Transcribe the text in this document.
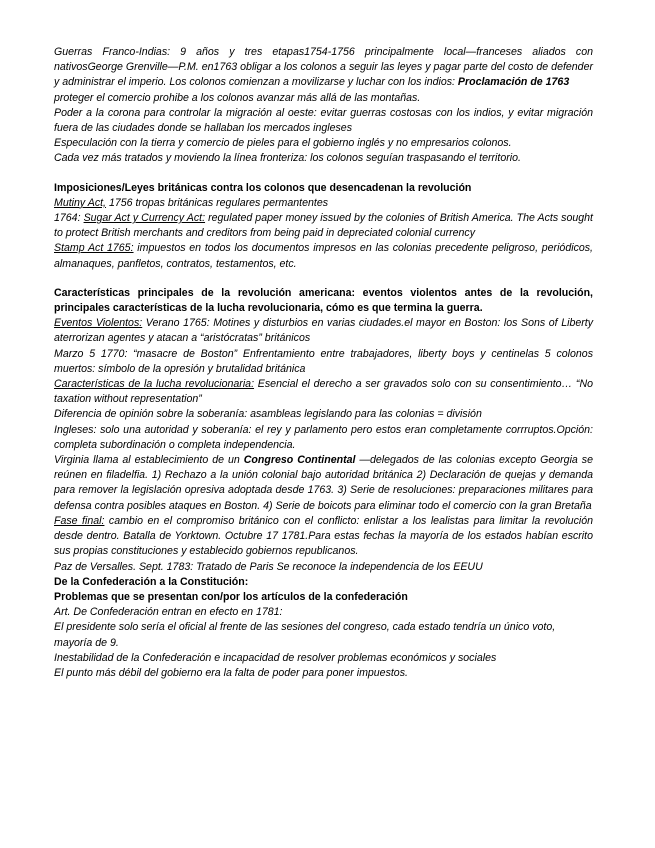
Guerras Franco-Indias: 9 años y tres etapas1754-1756 principalmente local—franceses aliados con nativosGeorge Grenville—P.M. en1763 obligar a los colonos a seguir las leyes y pagar parte del costo de defender y administrar el imperio. Los colonos comienzan a movilizarse y luchar con los indios: Proclamación de 1763

proteger el comercio prohibe a los colonos avanzar más allá de las montañas.

Poder a la corona para controlar la migración al oeste: evitar guerras costosas con los indios, y evitar migración fuera de las ciudades donde se hallaban los mercados ingleses

Especulación con la tierra y comercio de pieles para el gobierno inglés y no empresarios colonos.

Cada vez más tratados y moviendo la línea fronteriza: los colonos seguían traspasando el territorio.

Imposiciones/Leyes británicas contra los colonos que desencadenan la revolución

Mutiny Act, 1756 tropas británicas regulares permantentes

1764: Sugar Act y Currency Act: regulated paper money issued by the colonies of British America. The Acts sought to protect British merchants and creditors from being paid in depreciated colonial currency

Stamp Act 1765: impuestos en todos los documentos impresos en las colonias precedente peligroso, periódicos, almanaques, panfletos, contratos, testamentos, etc.

Características principales de la revolución americana: eventos violentos antes de la revolución, principales características de la lucha revolucionaria, cómo es que termina la guerra.

Eventos Violentos: Verano 1765: Motines y disturbios en varias ciudades.el mayor en Boston: los Sons of Liberty aterrorizan agentes y atacan a “aristócratas” británicos

Marzo 5 1770: “masacre de Boston” Enfrentamiento entre trabajadores, liberty boys y centinelas 5 colonos muertos: símbolo de la opresión y brutalidad británica

Características de la lucha revolucionaria: Esencial el derecho a ser gravados solo con su consentimiento… “No taxation without representation”

Diferencia de opinión sobre la soberanía: asambleas legislando para las colonias = división

Ingleses: solo una autoridad y soberanía: el rey y parlamento pero estos eran completamente corrruptos.Opción: completa subordinación o completa independencia.

Virginia llama al establecimiento de un Congreso Continental —delegados de las colonias excepto Georgia se reúnen en filadelfia. 1) Rechazo a la unión colonial bajo autoridad británica 2) Declaración de quejas y demanda para remover la legislación opresiva adoptada desde 1763. 3) Serie de resoluciones: preparaciones militares para defensa contra posibles ataques en Boston. 4) Serie de boicots para eliminar todo el comercio con la gran Bretaña

Fase final: cambio en el compromiso británico con el conflicto: enlistar a los lealistas para limitar la revolución desde dentro. Batalla de Yorktown. Octubre 17 1781.Para estas fechas la mayoría de los estados habían escrito sus propias constituciones y establecido gobiernos republicanos.

Paz de Versalles. Sept. 1783: Tratado de Paris Se reconoce la independencia de los EEUU

De la Confederación a la Constitución:

Problemas que se presentan con/por los artículos de la confederación

Art. De Confederación entran en efecto en 1781:

El presidente solo sería el oficial al frente de las sesiones del congreso, cada estado tendría un único voto, mayoría de 9.

Inestabilidad de la Confederación e incapacidad de resolver problemas económicos y sociales

El punto más débil del gobierno era la falta de poder para poner impuestos.
